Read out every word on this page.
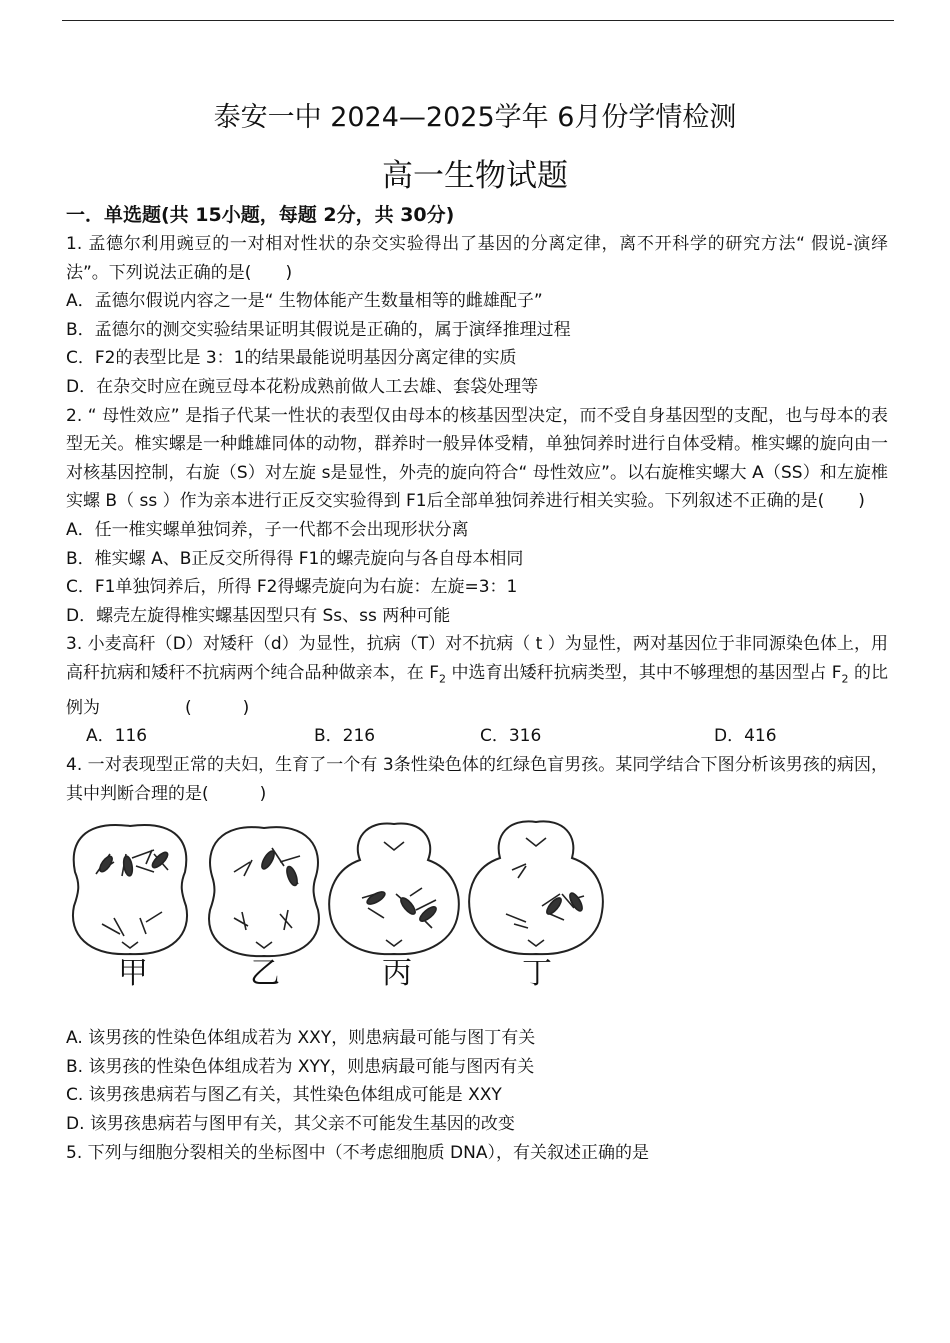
泰安一中 2024—2025学年 6月份学情检测
高一生物试题
一．单选题(共 15小题，每题 2分，共 30分)

1. 孟德尔利用豌豆的一对相对性状的杂交实验得出了基因的分离定律，离不开科学的研究方法“ 假说-演绎法”。下列说法正确的是(　　)

A．孟德尔假说内容之一是“ 生物体能产生数量相等的雌雄配子”

B．孟德尔的测交实验结果证明其假说是正确的，属于演绎推理过程

C．F2的表型比是 3：1的结果最能说明基因分离定律的实质

D．在杂交时应在豌豆母本花粉成熟前做人工去雄、套袋处理等

2. “ 母性效应” 是指子代某一性状的表型仅由母本的核基因型决定，而不受自身基因型的支配，也与母本的表型无关。椎实螺是一种雌雄同体的动物，群养时一般异体受精，单独饲养时进行自体受精。椎实螺的旋向由一对核基因控制，右旋（S）对左旋 s是显性，外壳的旋向符合“ 母性效应”。以右旋椎实螺大 A（SS）和左旋椎实螺 B（ ss ）作为亲本进行正反交实验得到 F1后全部单独饲养进行相关实验。下列叙述不正确的是(　　)

A．任一椎实螺单独饲养，子一代都不会出现形状分离

B．椎实螺 A、B正反交所得得 F1的螺壳旋向与各自母本相同

C．F1单独饲养后，所得 F2得螺壳旋向为右旋：左旋=3：1

D．螺壳左旋得椎实螺基因型只有 Ss、ss 两种可能

3. 小麦高秆（D）对矮秆（d）为显性，抗病（T）对不抗病（ t ）为显性，两对基因位于非同源染色体上，用高秆抗病和矮秆不抗病两个纯合品种做亲本，在 $F_2$ 中选育出矮秆抗病类型，其中不够理想的基因型占 $F_2$ 的比例为　　　　　(　　　)

A．116	B．216	C．316	D．416

4. 一对表现型正常的夫妇，生育了一个有 3条性染色体的红绿色盲男孩。某同学结合下图分析该男孩的病因，其中判断合理的是(　　　)

甲	乙	丙	丁

A. 该男孩的性染色体组成若为 XXY，则患病最可能与图丁有关

B. 该男孩的性染色体组成若为 XYY，则患病最可能与图丙有关

C. 该男孩患病若与图乙有关，其性染色体组成可能是 XXY

D. 该男孩患病若与图甲有关，其父亲不可能发生基因的改变

5. 下列与细胞分裂相关的坐标图中（不考虑细胞质 DNA），有关叙述正确的是
